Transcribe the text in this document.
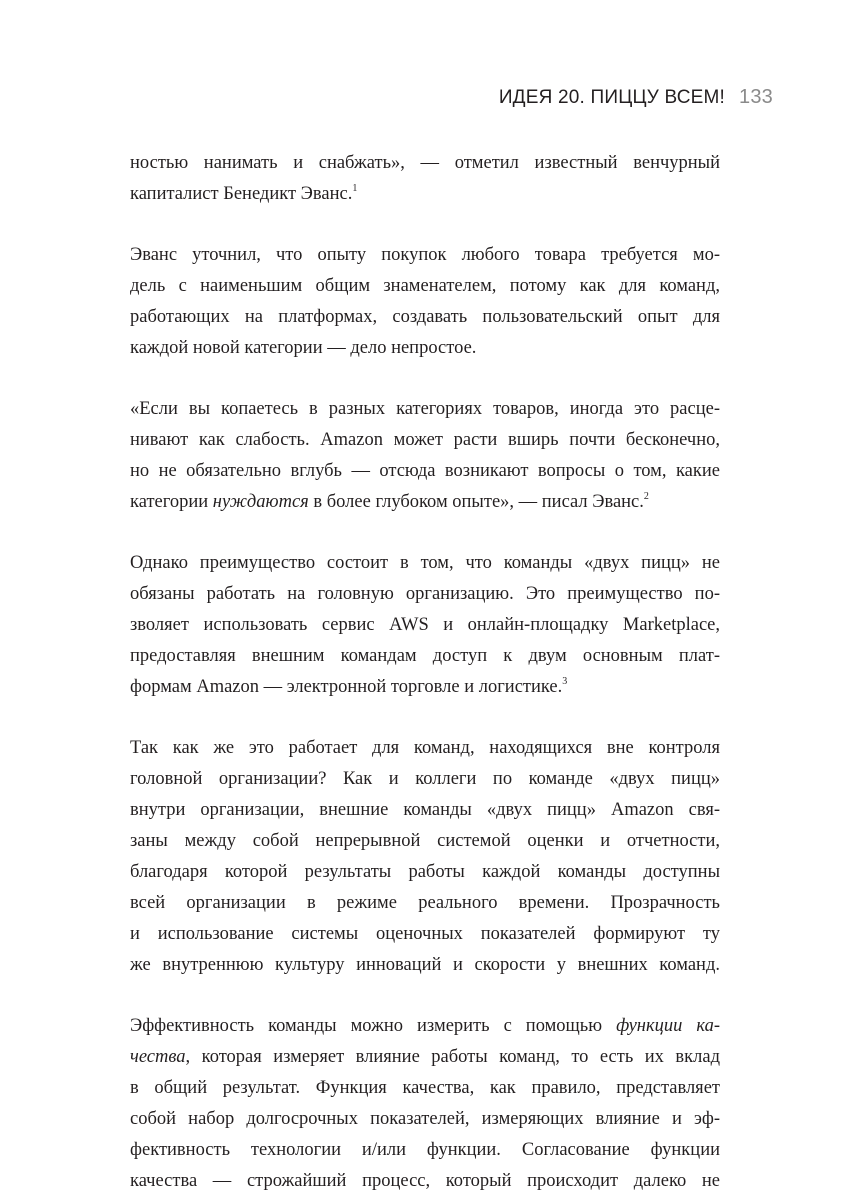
ИДЕЯ 20. ПИЦЦУ ВСЕМ! 133
ностью нанимать и снабжать», — отметил известный венчурный
капиталист Бенедикт Эванс.$^1$
Эванс уточнил, что опыту покупок любого товара требуется мо-
дель с наименьшим общим знаменателем, потому как для команд,
работающих на платформах, создавать пользовательский опыт для
каждой новой категории — дело непростое.
«Если вы копаетесь в разных категориях товаров, иногда это расце-
нивают как слабость. Amazon может расти вширь почти бесконечно,
но не обязательно вглубь — отсюда возникают вопросы о том, какие
категории нуждаются в более глубоком опыте», — писал Эванс.$^2$
Однако преимущество состоит в том, что команды «двух пицц» не
обязаны работать на головную организацию. Это преимущество по-
зволяет использовать сервис AWS и онлайн-площадку Marketplace,
предоставляя внешним командам доступ к двум основным плат-
формам Amazon — электронной торговле и логистике.$^3$
Так как же это работает для команд, находящихся вне контроля
головной организации? Как и коллеги по команде «двух пицц»
внутри организации, внешние команды «двух пицц» Amazon свя-
заны между собой непрерывной системой оценки и отчетности,
благодаря которой результаты работы каждой команды доступны
всей организации в режиме реального времени. Прозрачность
и использование системы оценочных показателей формируют ту
же внутреннюю культуру инноваций и скорости у внешних команд.
Эффективность команды можно измерить с помощью функции ка-
чества, которая измеряет влияние работы команд, то есть их вклад
в общий результат. Функция качества, как правило, представляет
собой набор долгосрочных показателей, измеряющих влияние и эф-
фективность технологии и/или функции. Согласование функции
качества — строжайший процесс, который происходит далеко не
